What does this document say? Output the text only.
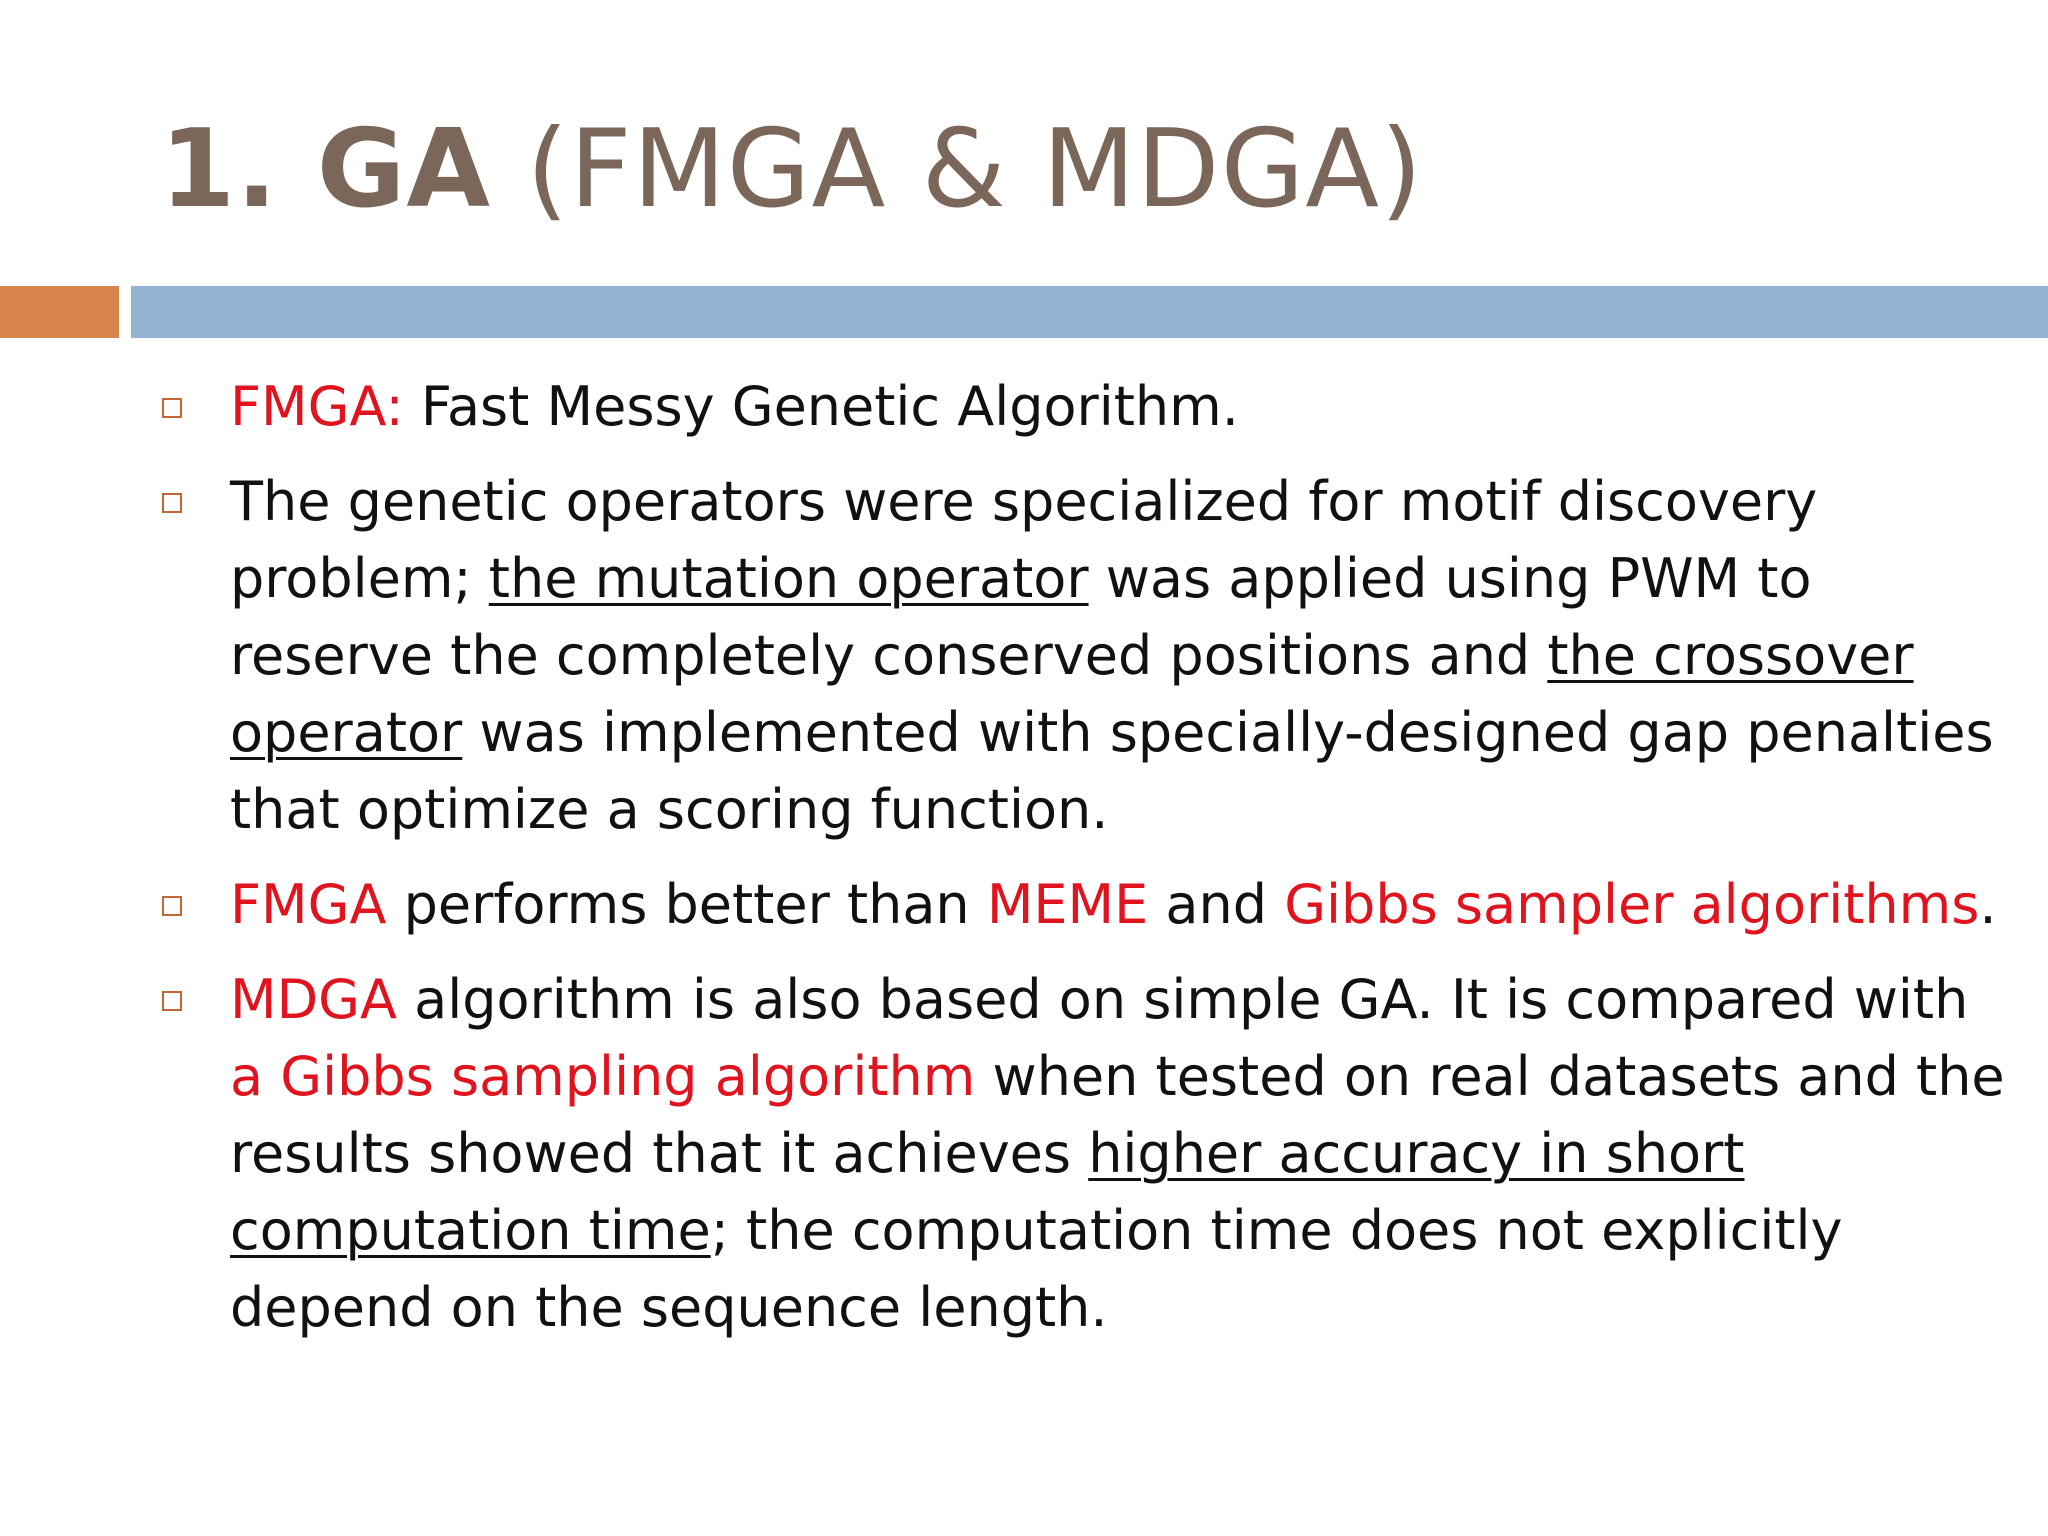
1. GA (FMGA & MDGA)
FMGA: Fast Messy Genetic Algorithm.
The genetic operators were specialized for motif discovery problem; the mutation operator was applied using PWM to reserve the completely conserved positions and the crossover operator was implemented with specially-designed gap penalties that optimize a scoring function.
FMGA performs better than MEME and Gibbs sampler algorithms.
MDGA algorithm is also based on simple GA. It is compared with a Gibbs sampling algorithm when tested on real datasets and the results showed that it achieves higher accuracy in short computation time; the computation time does not explicitly depend on the sequence length.
